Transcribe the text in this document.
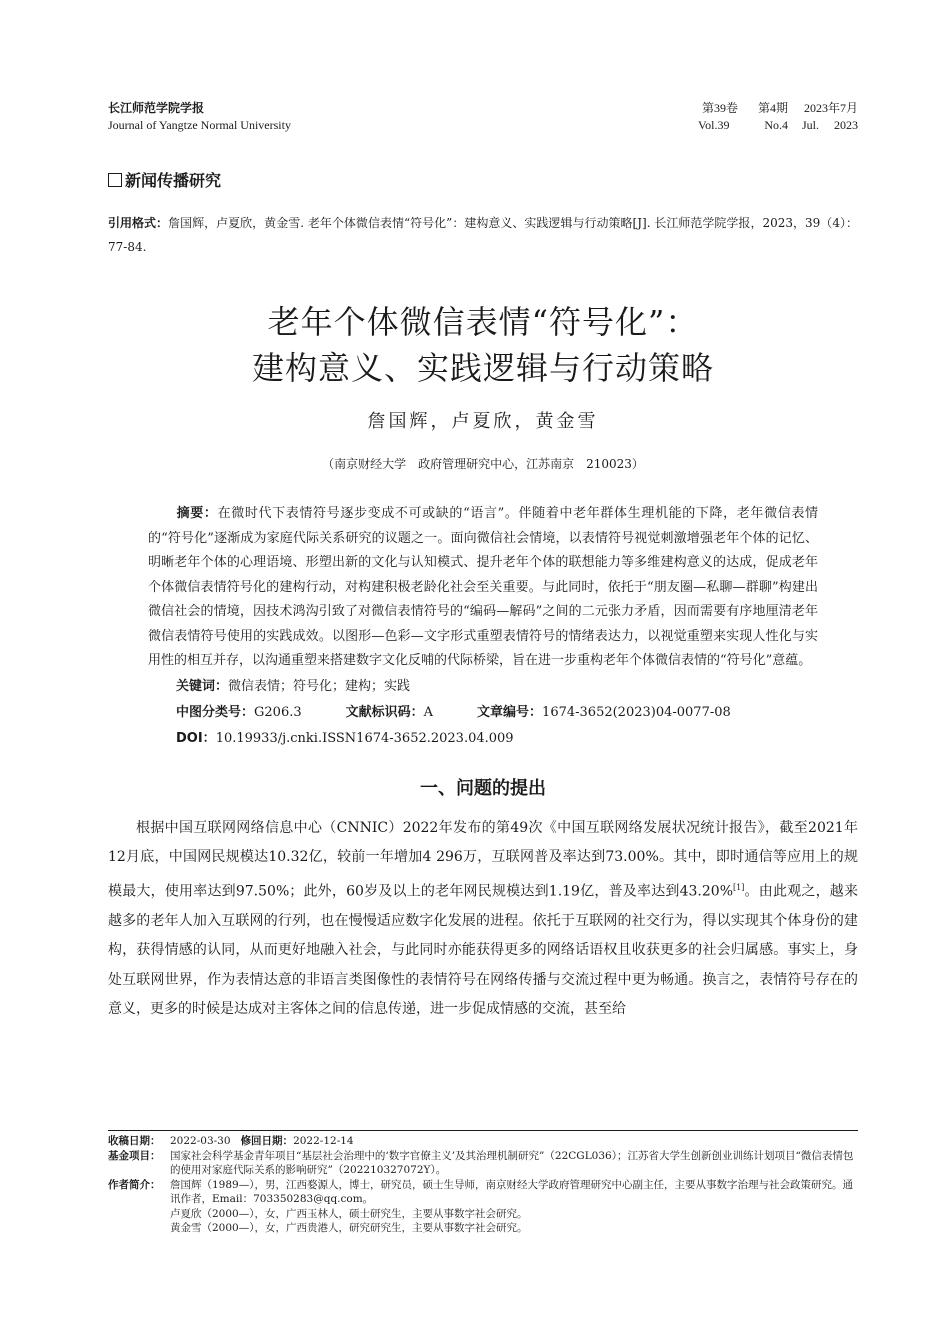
长江师范学院学报
Journal of Yangtze Normal University
第39卷	第4期	2023年7月
Vol.39	No.4	Jul. 2023
新闻传播研究
引用格式：詹国辉，卢夏欣，黄金雪. 老年个体微信表情“符号化”：建构意义、实践逻辑与行动策略[J]. 长江师范学院学报，2023，39（4）：77-84.
老年个体微信表情“符号化”：
建构意义、实践逻辑与行动策略
詹国辉，卢夏欣，黄金雪
（南京财经大学　政府管理研究中心，江苏南京　210023）
摘要：在微时代下表情符号逐步变成不可或缺的“语言”。伴随着中老年群体生理机能的下降，老年微信表情的“符号化”逐渐成为家庭代际关系研究的议题之一。面向微信社会情境，以表情符号视觉刺激增强老年个体的记忆、明晰老年个体的心理语境、形塑出新的文化与认知模式、提升老年个体的联想能力等多维建构意义的达成，促成老年个体微信表情符号化的建构行动，对构建积极老龄化社会至关重要。与此同时，依托于“朋友圈—私聊—群聊”构建出微信社会的情境，因技术鸿沟引致了对微信表情符号的“编码—解码”之间的二元张力矛盾，因而需要有序地厘清老年微信表情符号使用的实践成效。以图形—色彩—文字形式重塑表情符号的情绪表达力，以视觉重塑来实现人性化与实用性的相互并存，以沟通重塑来搭建数字文化反哺的代际桥梁，旨在进一步重构老年个体微信表情的“符号化”意蕴。
关键词：微信表情；符号化；建构；实践
中图分类号：G206.3	文献标识码：A	文章编号：1674-3652(2023)04-0077-08
DOI：10.19933/j.cnki.ISSN1674-3652.2023.04.009
一、问题的提出
根据中国互联网网络信息中心（CNNIC）2022年发布的第49次《中国互联网络发展状况统计报告》，截至2021年12月底，中国网民规模达10.32亿，较前一年增加4 296万，互联网普及率达到73.00%。其中，即时通信等应用上的规模最大，使用率达到97.50%；此外，60岁及以上的老年网民规模达到1.19亿，普及率达到43.20%[1]。由此观之，越来越多的老年人加入互联网的行列，也在慢慢适应数字化发展的进程。依托于互联网的社交行为，得以实现其个体身份的建构，获得情感的认同，从而更好地融入社会，与此同时亦能获得更多的网络话语权且收获更多的社会归属感。事实上，身处互联网世界，作为表情达意的非语言类图像性的表情符号在网络传播与交流过程中更为畅通。换言之，表情符号存在的意义，更多的时候是达成对主客体之间的信息传递，进一步促成情感的交流，甚至给
收稿日期： 2022-03-30 修回日期：2022-12-14
基金项目： 国家社会科学基金青年项目“基层社会治理中的‘数字官僚主义’及其治理机制研究”（22CGL036）；江苏省大学生创新创业训练计划项目“微信表情包的使用对家庭代际关系的影响研究”（202210327072Y）。
作者简介： 詹国辉（1989—），男，江西婺源人，博士，研究员，硕士生导师，南京财经大学政府管理研究中心副主任，主要从事数字治理与社会政策研究。通讯作者，Email：703350283@qq.com。
卢夏欣（2000—），女，广西玉林人，硕士研究生，主要从事数字社会研究。
黄金雪（2000—），女，广西贵港人，研究研究生，主要从事数字社会研究。
